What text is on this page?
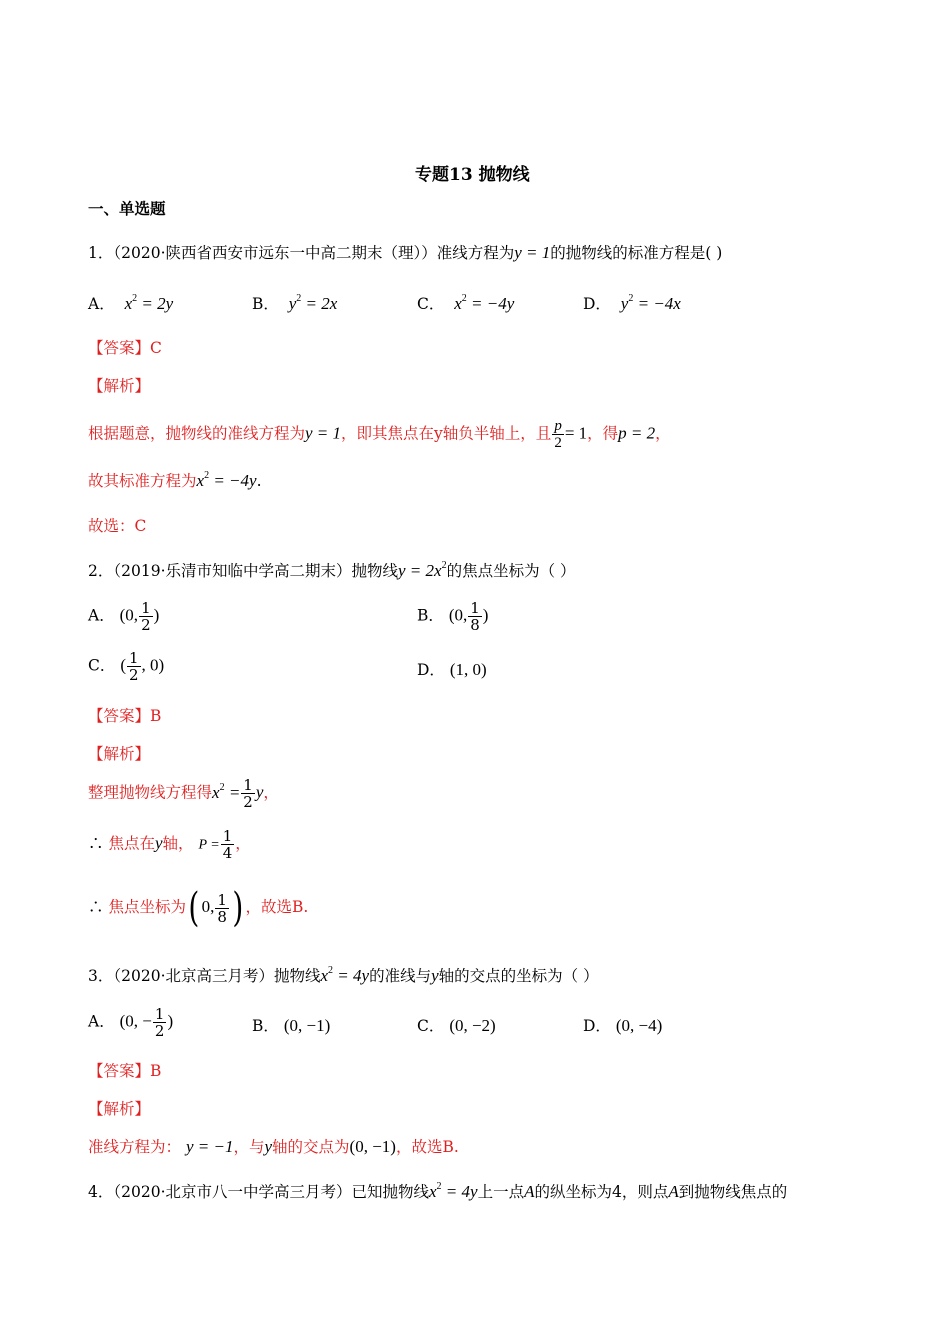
专题13 抛物线
一、单选题
1．（2020·陕西省西安市远东一中高二期末（理））准线方程为y = 1的抛物线的标准方程是( )
A． $x^2 = 2y$	B． $y^2 = 2x$	C． $x^2 = -4y$	D． $y^2 = -4x$
【答案】C
【解析】
根据题意，抛物线的准线方程为y = 1，即其焦点在y轴负半轴上，且 $\frac{p}{2} = 1$，得p = 2，
故其标准方程为$x^2 = -4y$.
故选：C
2．（2019·乐清市知临中学高二期末）抛物线$y = 2x^2$的焦点坐标为（ ）
A． (0, $\frac{1}{2}$ )	B． (0, $\frac{1}{8}$ )
C． ( $\frac{1}{2}$ , 0)	D． (1, 0)
【答案】B
【解析】
整理抛物线方程得$x^2 = \frac{1}{2}$ y，
∴ 焦点在y轴， $P = \frac{1}{4}$ ，
∴ 焦点坐标为( 0, $\frac{1}{8}$ ) ，故选B.
3．（2020·北京高三月考）抛物线$x^2 = 4y$的准线与y轴的交点的坐标为（ ）
A． (0, − $\frac{1}{2}$ )	B． (0, −1)	C． (0, −2)	D． (0, −4)
【答案】B
【解析】
准线方程为： y = −1，与y轴的交点为(0, −1)，故选B.
4．（2020·北京市八一中学高三月考）已知抛物线$x^2 = 4y$上一点A的纵坐标为4，则点A到抛物线焦点的
